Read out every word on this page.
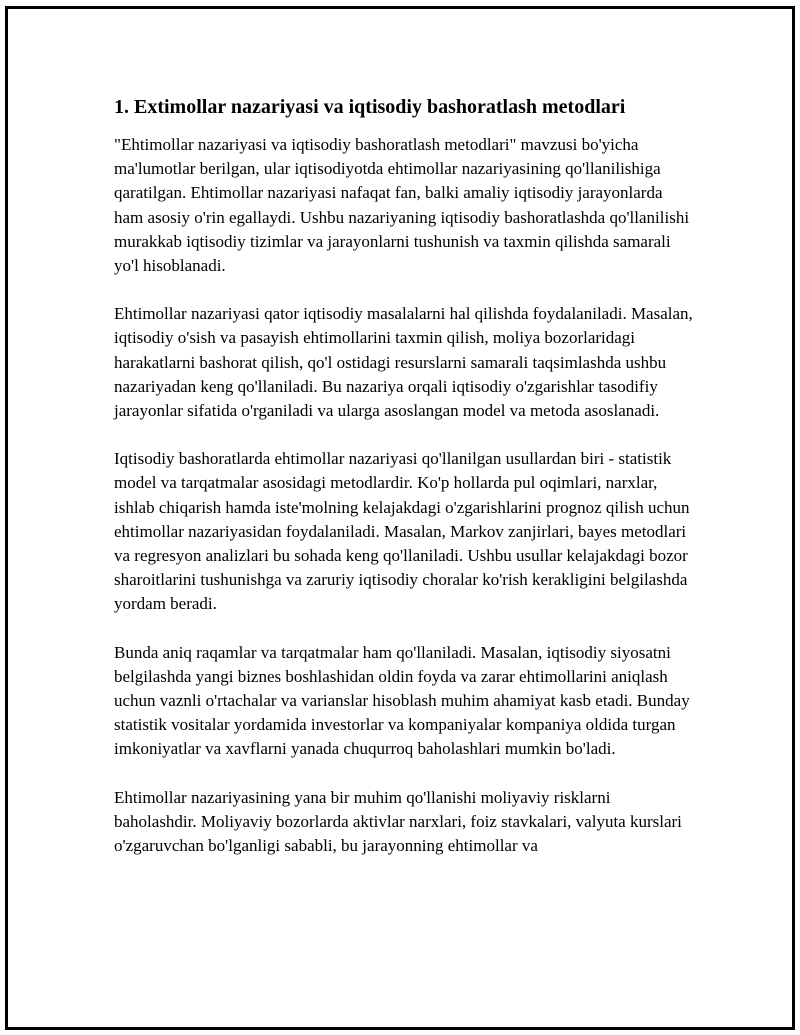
1. Extimollar nazariyasi va iqtisodiy bashoratlash metodlari

"Ehtimollar nazariyasi va iqtisodiy bashoratlash metodlari" mavzusi bo'yicha ma'lumotlar berilgan, ular iqtisodiyotda ehtimollar nazariyasining qo'llanilishiga qaratilgan. Ehtimollar nazariyasi nafaqat fan, balki amaliy iqtisodiy jarayonlarda ham asosiy o'rin egallaydi. Ushbu nazariyaning iqtisodiy bashoratlashda qo'llanilishi murakkab iqtisodiy tizimlar va jarayonlarni tushunish va taxmin qilishda samarali yo'l hisoblanadi.

Ehtimollar nazariyasi qator iqtisodiy masalalarni hal qilishda foydalaniladi. Masalan, iqtisodiy o'sish va pasayish ehtimollarini taxmin qilish, moliya bozorlaridagi harakatlarni bashorat qilish, qo'l ostidagi resurslarni samarali taqsimlashda ushbu nazariyadan keng qo'llaniladi. Bu nazariya orqali iqtisodiy o'zgarishlar tasodifiy jarayonlar sifatida o'rganiladi va ularga asoslangan model va metoda asoslanadi.

Iqtisodiy bashoratlarda ehtimollar nazariyasi qo'llanilgan usullardan biri - statistik model va tarqatmalar asosidagi metodlardir. Ko'p hollarda pul oqimlari, narxlar, ishlab chiqarish hamda iste'molning kelajakdagi o'zgarishlarini prognoz qilish uchun ehtimollar nazariyasidan foydalaniladi. Masalan, Markov zanjirlari, bayes metodlari va regresyon analizlari bu sohada keng qo'llaniladi. Ushbu usullar kelajakdagi bozor sharoitlarini tushunishga va zaruriy iqtisodiy choralar ko'rish kerakligini belgilashda yordam beradi.

Bunda aniq raqamlar va tarqatmalar ham qo'llaniladi. Masalan, iqtisodiy siyosatni belgilashda yangi biznes boshlashidan oldin foyda va zarar ehtimollarini aniqlash uchun vaznli o'rtachalar va varianslar hisoblash muhim ahamiyat kasb etadi. Bunday statistik vositalar yordamida investorlar va kompaniyalar kompaniya oldida turgan imkoniyatlar va xavflarni yanada chuqurroq baholashlari mumkin bo'ladi.

Ehtimollar nazariyasining yana bir muhim qo'llanishi moliyaviy risklarni baholashdir. Moliyaviy bozorlarda aktivlar narxlari, foiz stavkalari, valyuta kurslari o'zgaruvchan bo'lganligi sababli, bu jarayonning ehtimollar va
